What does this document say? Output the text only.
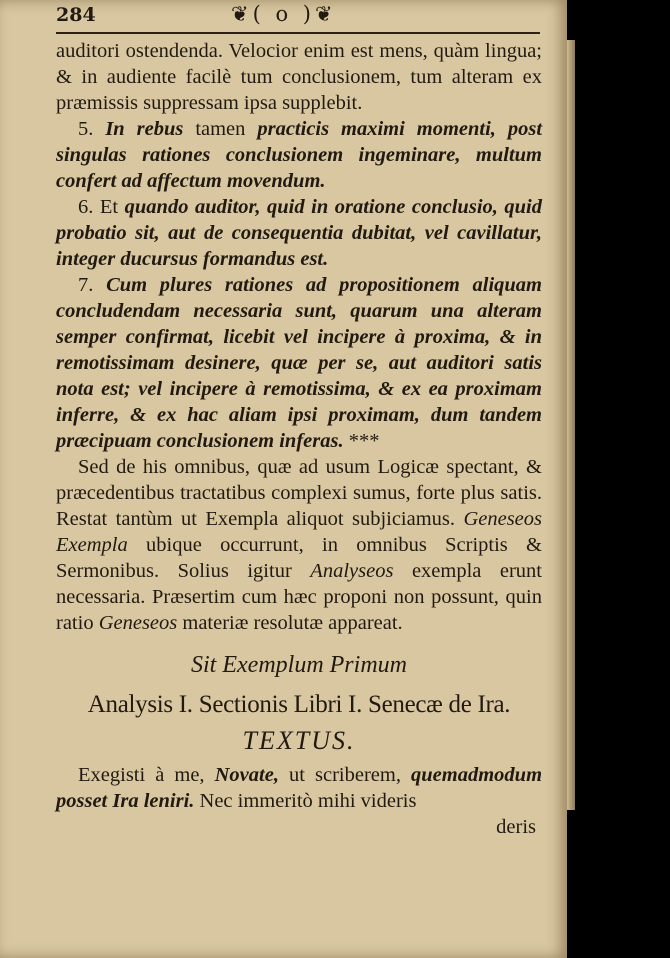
284	❦( o )❦

auditori ostendenda. Velocior enim est mens, quàm lingua; & in audiente facilè tum conclusionem, tum alteram ex præmissis suppressam ipsa supplebit.

5. In rebus tamen practicis maximi momenti, post singulas rationes conclusionem ingeminare, multum confert ad affectum movendum.

6. Et quando auditor, quid in oratione conclusio, quid probatio sit, aut de consequentia dubitat, vel cavillatur, integer ducursus formandus est.

7. Cum plures rationes ad propositionem aliquam concludendam necessaria sunt, quarum una alteram semper confirmat, licebit vel incipere à proxima, & in remotissimam desinere, quæ per se, aut auditori satis nota est; vel incipere à remotissima, & ex ea proximam inferre, & ex hac aliam ipsi proximam, dum tandem præcipuam conclusionem inferas. ***

Sed de his omnibus, quæ ad usum Logicæ spectant, & præcedentibus tractatibus complexi sumus, forte plus satis. Restat tantùm ut Exempla aliquot subjiciamus. Geneseos Exempla ubique occurrunt, in omnibus Scriptis & Sermonibus. Solius igitur Analyseos exempla erunt necessaria. Præsertim cum hæc proponi non possunt, quin ratio Geneseos materiæ resolutæ appareat.

Sit Exemplum Primum
Analysis I. Sectionis Libri I. Senecæ de Ira.
TEXTUS.

Exegisti à me, Novate, ut scriberem, quemadmodum posset Ira leniri. Nec immeritò mihi videris

deris
